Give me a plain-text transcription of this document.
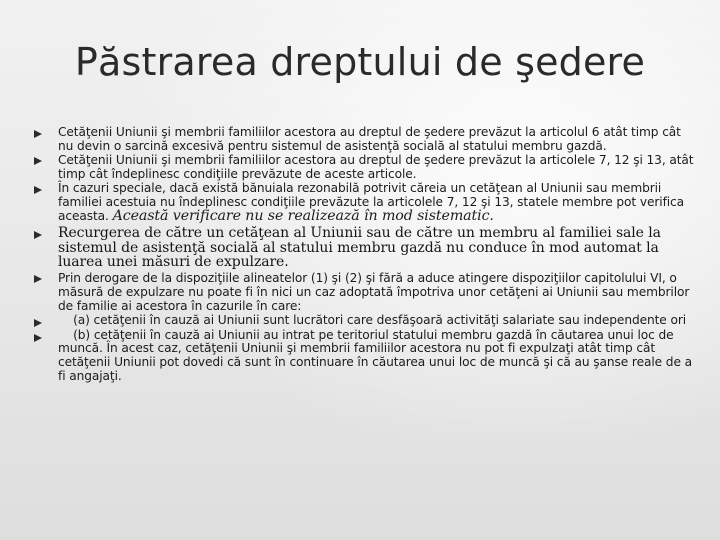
Păstrarea dreptului de şedere
Cetăţenii Uniunii şi membrii familiilor acestora au dreptul de şedere prevăzut la articolul 6 atât timp cât nu devin o sarcină excesivă pentru sistemul de asistenţă socială al statului membru gazdă.
Cetăţenii Uniunii şi membrii familiilor acestora au dreptul de şedere prevăzut la articolele 7, 12 şi 13, atât timp cât îndeplinesc condiţiile prevăzute de aceste articole.
În cazuri speciale, dacă există bănuiala rezonabilă potrivit căreia un cetăţean al Uniunii sau membrii familiei acestuia nu îndeplinesc condiţiile prevăzute la articolele 7, 12 şi 13, statele membre pot verifica aceasta. Această verificare nu se realizează în mod sistematic.
Recurgerea de către un cetăţean al Uniunii sau de către un membru al familiei sale la sistemul de asistenţă socială al statului membru gazdă nu conduce în mod automat la luarea unei măsuri de expulzare.
Prin derogare de la dispoziţiile alineatelor (1) şi (2) şi fără a aduce atingere dispoziţiilor capitolului VI, o măsură de expulzare nu poate fi în nici un caz adoptată împotriva unor cetăţeni ai Uniunii sau membrilor de familie ai acestora în cazurile în care:
(a) cetăţenii în cauză ai Uniunii sunt lucrători care desfăşoară activităţi salariate sau independente ori
(b) cetăţenii în cauză ai Uniunii au intrat pe teritoriul statului membru gazdă în căutarea unui loc de muncă. În acest caz, cetăţenii Uniunii şi membrii familiilor acestora nu pot fi expulzaţi atât timp cât cetăţenii Uniunii pot dovedi că sunt în continuare în căutarea unui loc de muncă şi că au şanse reale de a fi angajaţi.
